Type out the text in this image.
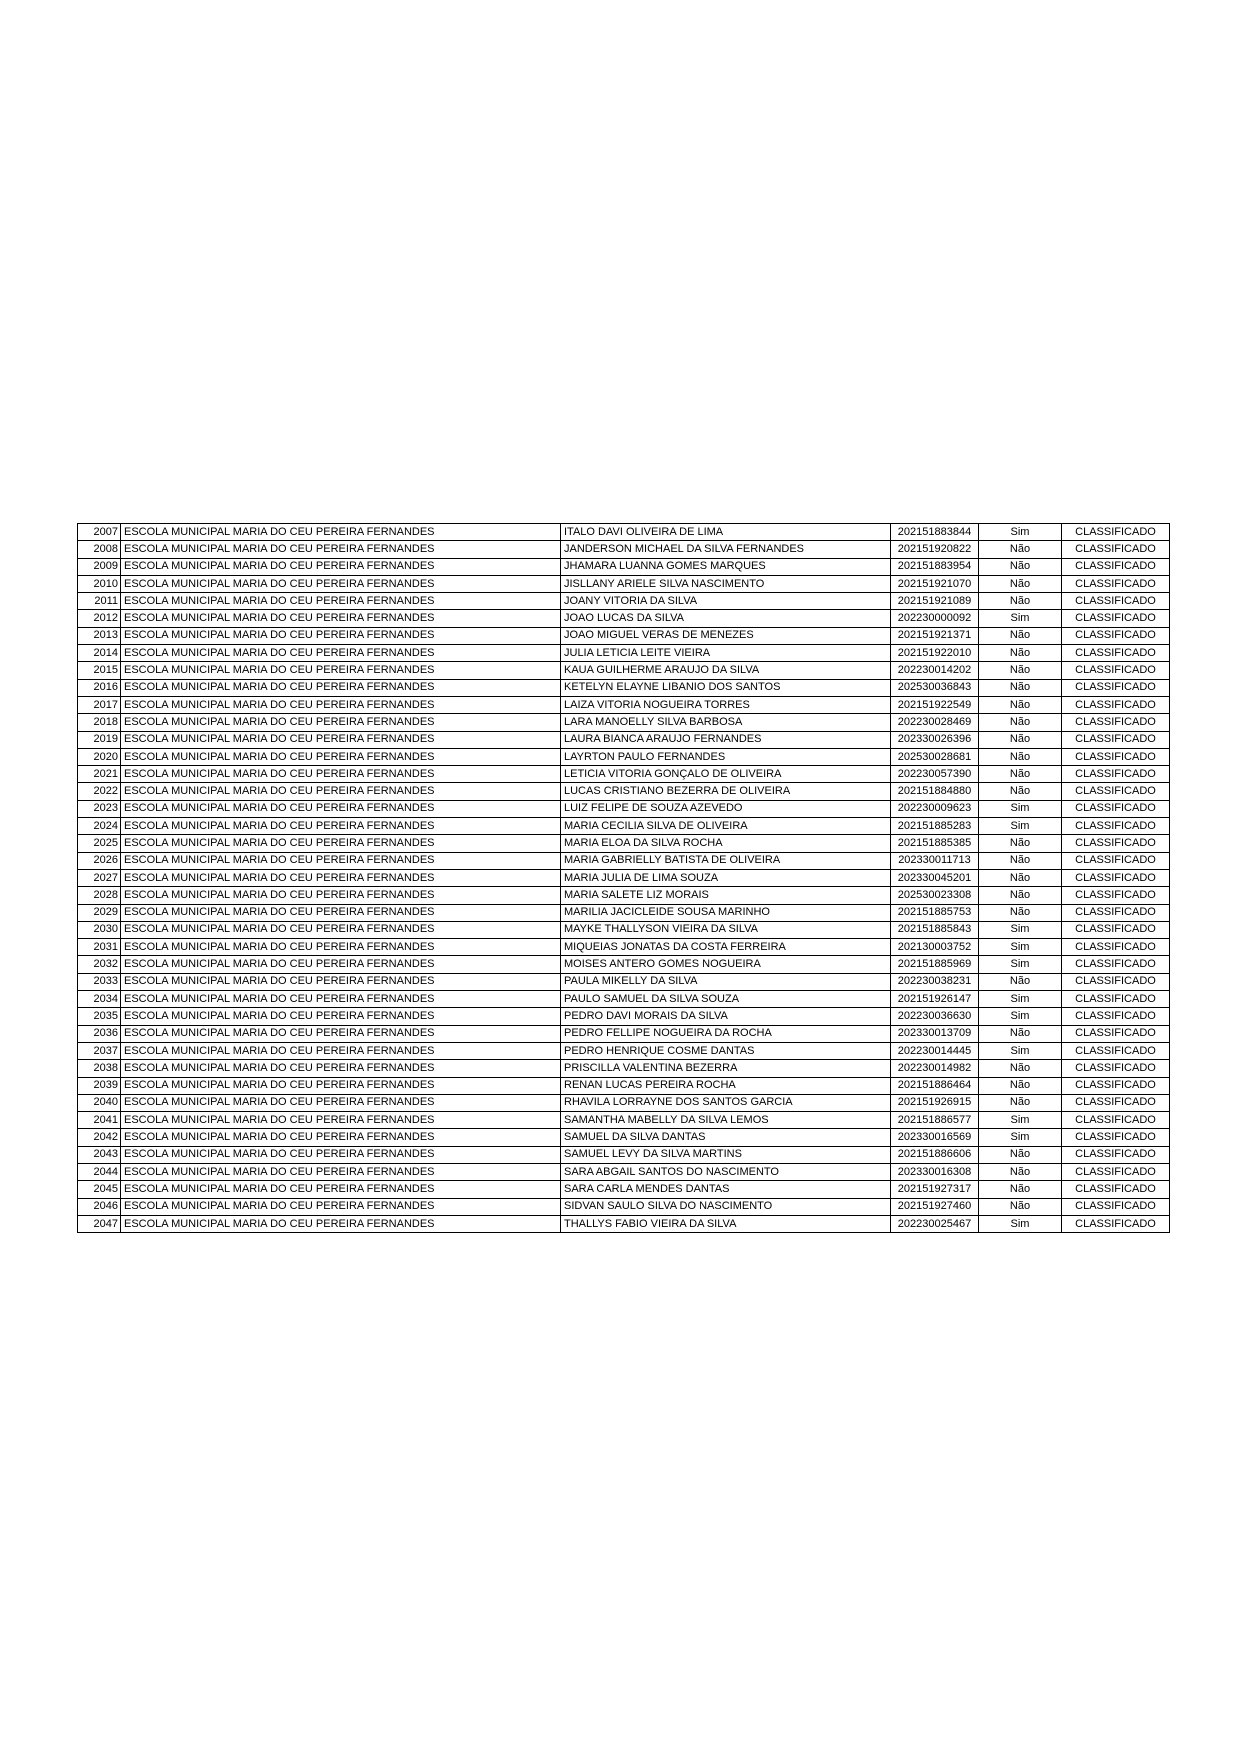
2007	ESCOLA MUNICIPAL MARIA DO CEU PEREIRA FERNANDES	ITALO DAVI OLIVEIRA DE LIMA	202151883844	Sim	CLASSIFICADO
2008	ESCOLA MUNICIPAL MARIA DO CEU PEREIRA FERNANDES	JANDERSON MICHAEL DA SILVA FERNANDES	202151920822	Não	CLASSIFICADO
2009	ESCOLA MUNICIPAL MARIA DO CEU PEREIRA FERNANDES	JHAMARA LUANNA GOMES MARQUES	202151883954	Não	CLASSIFICADO
2010	ESCOLA MUNICIPAL MARIA DO CEU PEREIRA FERNANDES	JISLLANY ARIELE SILVA NASCIMENTO	202151921070	Não	CLASSIFICADO
2011	ESCOLA MUNICIPAL MARIA DO CEU PEREIRA FERNANDES	JOANY VITORIA DA SILVA	202151921089	Não	CLASSIFICADO
2012	ESCOLA MUNICIPAL MARIA DO CEU PEREIRA FERNANDES	JOAO LUCAS DA SILVA	202230000092	Sim	CLASSIFICADO
2013	ESCOLA MUNICIPAL MARIA DO CEU PEREIRA FERNANDES	JOAO MIGUEL VERAS DE MENEZES	202151921371	Não	CLASSIFICADO
2014	ESCOLA MUNICIPAL MARIA DO CEU PEREIRA FERNANDES	JULIA LETICIA LEITE VIEIRA	202151922010	Não	CLASSIFICADO
2015	ESCOLA MUNICIPAL MARIA DO CEU PEREIRA FERNANDES	KAUA GUILHERME ARAUJO DA SILVA	202230014202	Não	CLASSIFICADO
2016	ESCOLA MUNICIPAL MARIA DO CEU PEREIRA FERNANDES	KETELYN ELAYNE LIBANIO DOS SANTOS	202530036843	Não	CLASSIFICADO
2017	ESCOLA MUNICIPAL MARIA DO CEU PEREIRA FERNANDES	LAIZA VITORIA NOGUEIRA TORRES	202151922549	Não	CLASSIFICADO
2018	ESCOLA MUNICIPAL MARIA DO CEU PEREIRA FERNANDES	LARA MANOELLY SILVA BARBOSA	202230028469	Não	CLASSIFICADO
2019	ESCOLA MUNICIPAL MARIA DO CEU PEREIRA FERNANDES	LAURA BIANCA ARAUJO FERNANDES	202330026396	Não	CLASSIFICADO
2020	ESCOLA MUNICIPAL MARIA DO CEU PEREIRA FERNANDES	LAYRTON PAULO FERNANDES	202530028681	Não	CLASSIFICADO
2021	ESCOLA MUNICIPAL MARIA DO CEU PEREIRA FERNANDES	LETICIA VITORIA GONÇALO DE OLIVEIRA	202230057390	Não	CLASSIFICADO
2022	ESCOLA MUNICIPAL MARIA DO CEU PEREIRA FERNANDES	LUCAS CRISTIANO BEZERRA DE OLIVEIRA	202151884880	Não	CLASSIFICADO
2023	ESCOLA MUNICIPAL MARIA DO CEU PEREIRA FERNANDES	LUIZ FELIPE DE SOUZA AZEVEDO	202230009623	Sim	CLASSIFICADO
2024	ESCOLA MUNICIPAL MARIA DO CEU PEREIRA FERNANDES	MARIA CECILIA SILVA DE OLIVEIRA	202151885283	Sim	CLASSIFICADO
2025	ESCOLA MUNICIPAL MARIA DO CEU PEREIRA FERNANDES	MARIA ELOA DA SILVA ROCHA	202151885385	Não	CLASSIFICADO
2026	ESCOLA MUNICIPAL MARIA DO CEU PEREIRA FERNANDES	MARIA GABRIELLY BATISTA DE OLIVEIRA	202330011713	Não	CLASSIFICADO
2027	ESCOLA MUNICIPAL MARIA DO CEU PEREIRA FERNANDES	MARIA JULIA DE LIMA SOUZA	202330045201	Não	CLASSIFICADO
2028	ESCOLA MUNICIPAL MARIA DO CEU PEREIRA FERNANDES	MARIA SALETE LIZ MORAIS	202530023308	Não	CLASSIFICADO
2029	ESCOLA MUNICIPAL MARIA DO CEU PEREIRA FERNANDES	MARILIA JACICLEIDE SOUSA MARINHO	202151885753	Não	CLASSIFICADO
2030	ESCOLA MUNICIPAL MARIA DO CEU PEREIRA FERNANDES	MAYKE THALLYSON VIEIRA DA SILVA	202151885843	Sim	CLASSIFICADO
2031	ESCOLA MUNICIPAL MARIA DO CEU PEREIRA FERNANDES	MIQUEIAS JONATAS DA COSTA FERREIRA	202130003752	Sim	CLASSIFICADO
2032	ESCOLA MUNICIPAL MARIA DO CEU PEREIRA FERNANDES	MOISES ANTERO GOMES NOGUEIRA	202151885969	Sim	CLASSIFICADO
2033	ESCOLA MUNICIPAL MARIA DO CEU PEREIRA FERNANDES	PAULA MIKELLY DA SILVA	202230038231	Não	CLASSIFICADO
2034	ESCOLA MUNICIPAL MARIA DO CEU PEREIRA FERNANDES	PAULO SAMUEL DA SILVA SOUZA	202151926147	Sim	CLASSIFICADO
2035	ESCOLA MUNICIPAL MARIA DO CEU PEREIRA FERNANDES	PEDRO DAVI MORAIS DA SILVA	202230036630	Sim	CLASSIFICADO
2036	ESCOLA MUNICIPAL MARIA DO CEU PEREIRA FERNANDES	PEDRO FELLIPE NOGUEIRA DA ROCHA	202330013709	Não	CLASSIFICADO
2037	ESCOLA MUNICIPAL MARIA DO CEU PEREIRA FERNANDES	PEDRO HENRIQUE COSME DANTAS	202230014445	Sim	CLASSIFICADO
2038	ESCOLA MUNICIPAL MARIA DO CEU PEREIRA FERNANDES	PRISCILLA VALENTINA BEZERRA	202230014982	Não	CLASSIFICADO
2039	ESCOLA MUNICIPAL MARIA DO CEU PEREIRA FERNANDES	RENAN LUCAS PEREIRA ROCHA	202151886464	Não	CLASSIFICADO
2040	ESCOLA MUNICIPAL MARIA DO CEU PEREIRA FERNANDES	RHAVILA LORRAYNE DOS SANTOS GARCIA	202151926915	Não	CLASSIFICADO
2041	ESCOLA MUNICIPAL MARIA DO CEU PEREIRA FERNANDES	SAMANTHA MABELLY DA SILVA LEMOS	202151886577	Sim	CLASSIFICADO
2042	ESCOLA MUNICIPAL MARIA DO CEU PEREIRA FERNANDES	SAMUEL DA SILVA DANTAS	202330016569	Sim	CLASSIFICADO
2043	ESCOLA MUNICIPAL MARIA DO CEU PEREIRA FERNANDES	SAMUEL LEVY DA SILVA MARTINS	202151886606	Não	CLASSIFICADO
2044	ESCOLA MUNICIPAL MARIA DO CEU PEREIRA FERNANDES	SARA ABGAIL SANTOS DO NASCIMENTO	202330016308	Não	CLASSIFICADO
2045	ESCOLA MUNICIPAL MARIA DO CEU PEREIRA FERNANDES	SARA CARLA MENDES DANTAS	202151927317	Não	CLASSIFICADO
2046	ESCOLA MUNICIPAL MARIA DO CEU PEREIRA FERNANDES	SIDVAN SAULO SILVA DO NASCIMENTO	202151927460	Não	CLASSIFICADO
2047	ESCOLA MUNICIPAL MARIA DO CEU PEREIRA FERNANDES	THALLYS FABIO VIEIRA DA SILVA	202230025467	Sim	CLASSIFICADO
